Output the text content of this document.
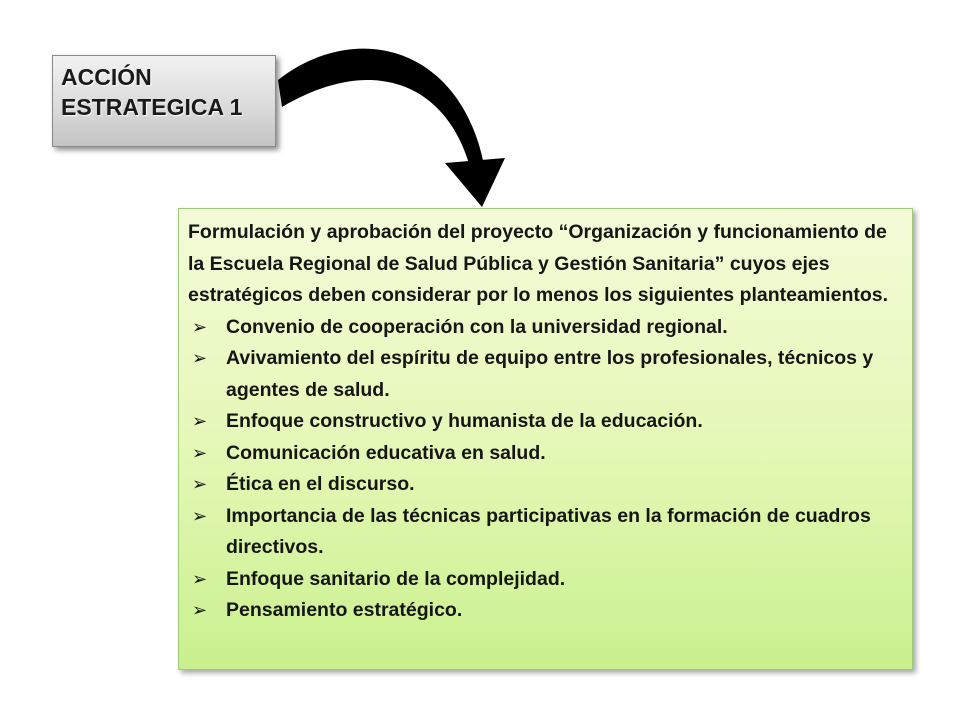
ACCIÓN
ESTRATEGICA 1

Formulación y aprobación del proyecto “Organización y funcionamiento de la Escuela Regional de Salud Pública y Gestión Sanitaria” cuyos ejes estratégicos deben considerar por lo menos los siguientes planteamientos.

➢ Convenio de cooperación con la universidad regional.
➢ Avivamiento del espíritu de equipo entre los profesionales, técnicos y agentes de salud.
➢ Enfoque constructivo y humanista de la educación.
➢ Comunicación educativa en salud.
➢ Ética en el discurso.
➢ Importancia de las técnicas participativas en la formación de cuadros directivos.
➢ Enfoque sanitario de la complejidad.
➢ Pensamiento estratégico.
